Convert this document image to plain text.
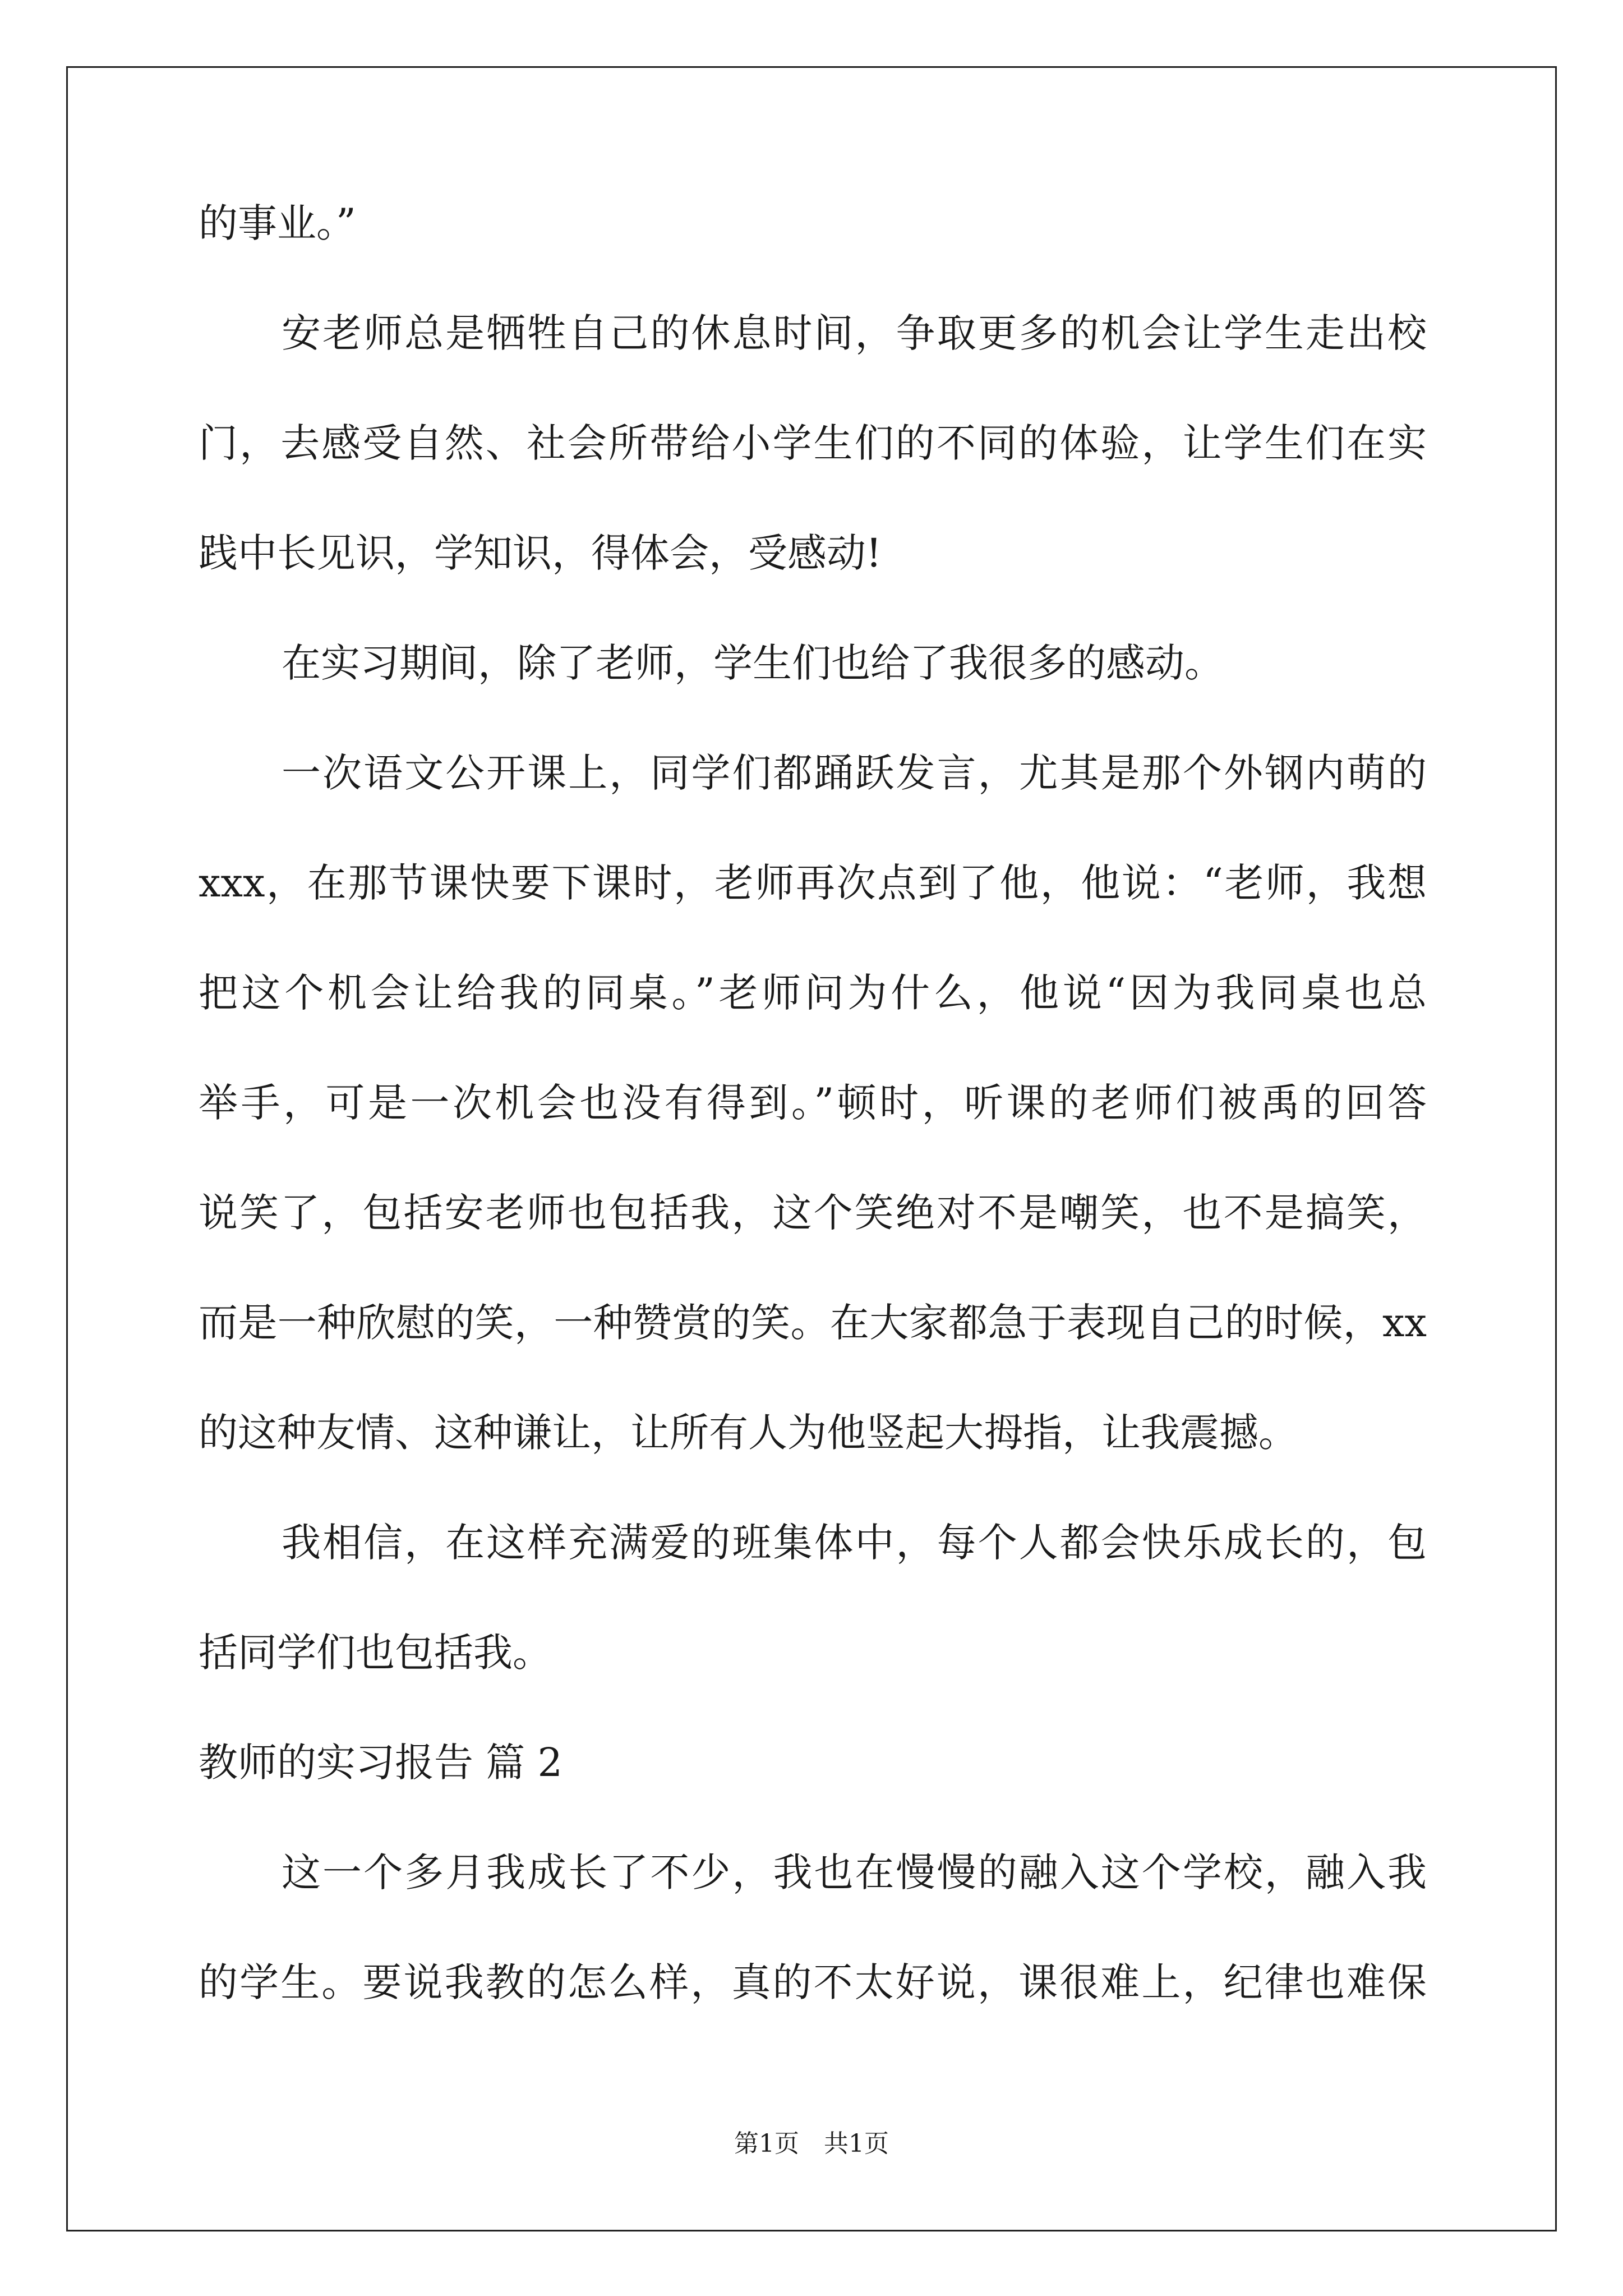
的事业。”
安老师总是牺牲自己的休息时间，争取更多的机会让学生走出校
门，去感受自然、社会所带给小学生们的不同的体验，让学生们在实
践中长见识，学知识，得体会，受感动!
在实习期间，除了老师，学生们也给了我很多的感动。
一次语文公开课上，同学们都踊跃发言，尤其是那个外钢内萌的
xxx，在那节课快要下课时，老师再次点到了他，他说：“老师，我想
把这个机会让给我的同桌。”老师问为什么，他说“因为我同桌也总
举手，可是一次机会也没有得到。”顿时，听课的老师们被禹的回答
说笑了，包括安老师也包括我，这个笑绝对不是嘲笑，也不是搞笑，
而是一种欣慰的笑，一种赞赏的笑。在大家都急于表现自己的时候，xx
的这种友情、这种谦让，让所有人为他竖起大拇指，让我震撼。
我相信，在这样充满爱的班集体中，每个人都会快乐成长的，包
括同学们也包括我。
教师的实习报告 篇 2
这一个多月我成长了不少，我也在慢慢的融入这个学校，融入我
的学生。要说我教的怎么样，真的不太好说，课很难上，纪律也难保
第1页　共1页
